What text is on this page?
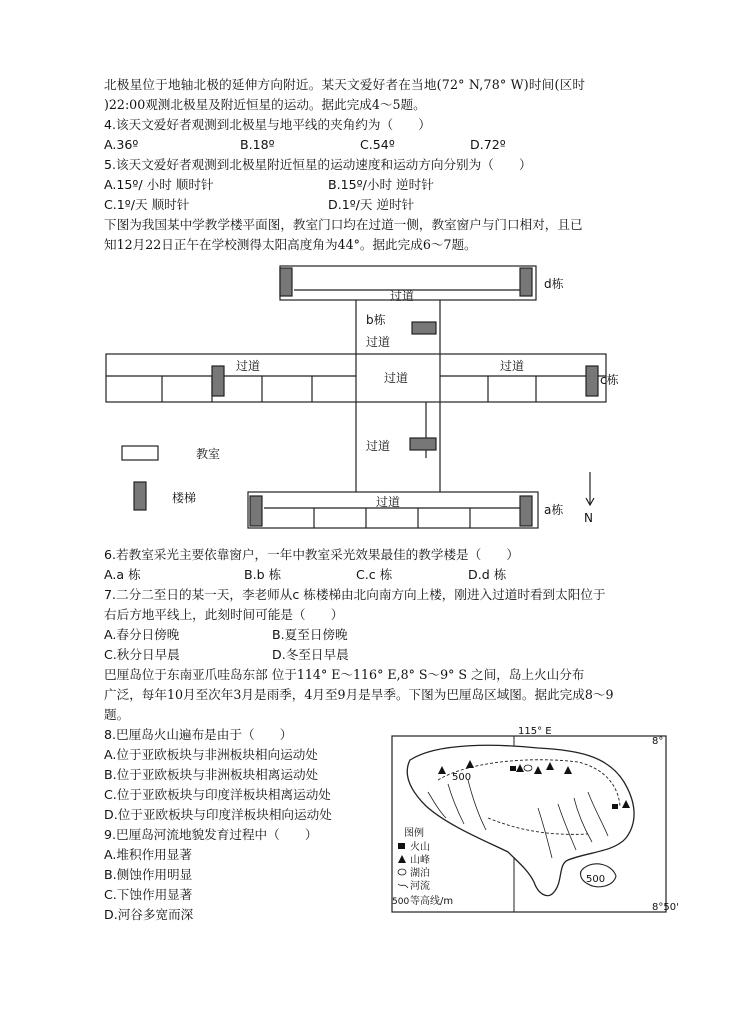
北极星位于地轴北极的延伸方向附近。某天文爱好者在当地(72° N,78° W)时间(区时
)22:00观测北极星及附近恒星的运动。据此完成4～5题。
4.该天文爱好者观测到北极星与地平线的夹角约为（　　）
A.36º	B.18º	C.54º	D.72º
5.该天文爱好者观测到北极星附近恒星的运动速度和运动方向分别为（　　）
A.15º/ 小时 顺时针	B.15º/小时 逆时针
C.1º/天 顺时针	D.1º/天 逆时针
下图为我国某中学教学楼平面图，教室门口均在过道一侧，教室窗户与门口相对，且已
知12月22日正午在学校测得太阳高度角为44°。据此完成6～7题。
过道
d栋
b栋
过道
过道
过道
过道
c栋
过道
过道
a栋
教室
楼梯
N
6.若教室采光主要依靠窗户，一年中教室采光效果最佳的教学楼是（　　）
A.a 栋	B.b 栋	C.c 栋	D.d 栋
7.二分二至日的某一天，李老师从c 栋楼梯由北向南方向上楼，刚进入过道时看到太阳位于
右后方地平线上，此刻时间可能是（　　）
A.春分日傍晚	B.夏至日傍晚
C.秋分日早晨	D.冬至日早晨
巴厘岛位于东南亚爪哇岛东部 位于114° E～116° E,8° S～9° S 之间，岛上火山分布
广泛，每年10月至次年3月是雨季，4月至9月是旱季。下图为巴厘岛区域图。据此完成8～9
题。
8.巴厘岛火山遍布是由于（　　）
A.位于亚欧板块与非洲板块相向运动处
B.位于亚欧板块与非洲板块相离运动处
C.位于亚欧板块与印度洋板块相离运动处
D.位于亚欧板块与印度洋板块相向运动处
9.巴厘岛河流地貌发育过程中（　　）
A.堆积作用显著
B.侧蚀作用明显
C.下蚀作用显著
D.河谷多宽而深
115° E
8°
8°50'
500
500
图例
火山
山峰
湖泊
河流
500 等高线/m
